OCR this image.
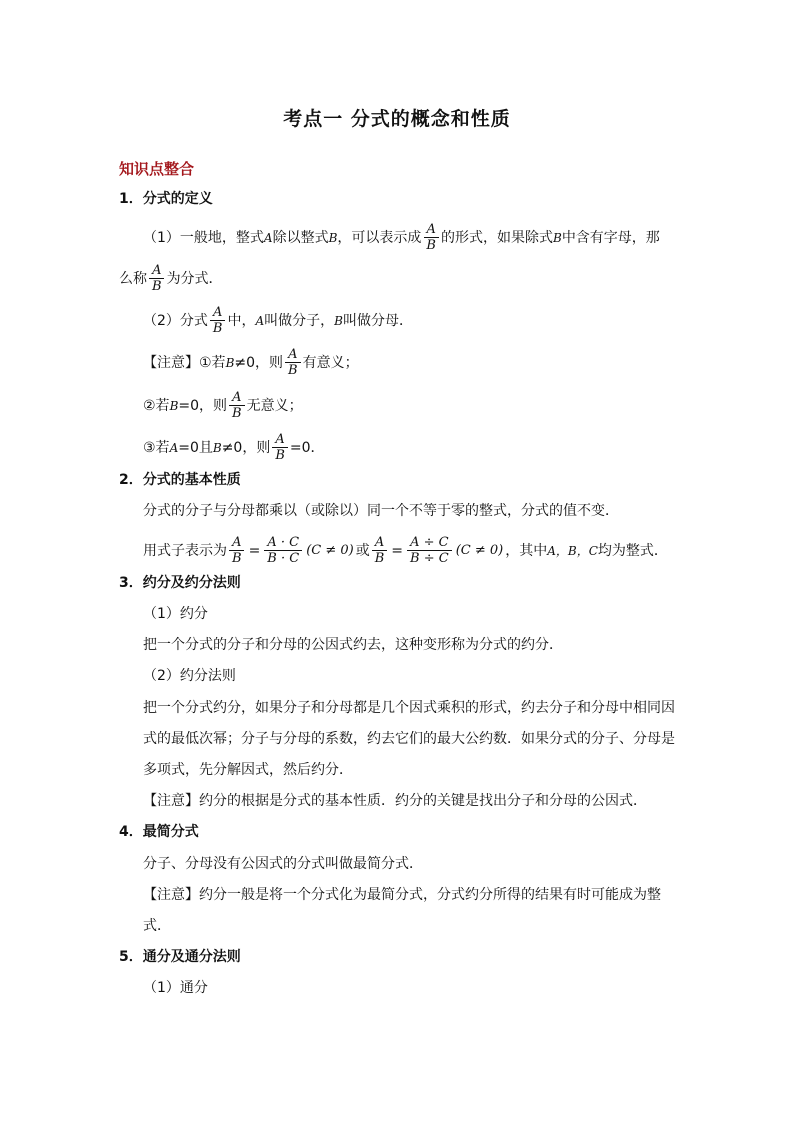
考点一 分式的概念和性质
知识点整合
1．分式的定义
（1）一般地，整式 A 除以整式 B ，可以表示成 $\frac{A}{B}$ 的形式，如果除式 B 中含有字母，那
么称 $\frac{A}{B}$ 为分式．
（2）分式 $\frac{A}{B}$ 中， A 叫做分子， B 叫做分母．
【注意】①若 B ≠0，则 $\frac{A}{B}$ 有意义；
②若 B =0，则 $\frac{A}{B}$ 无意义；
③若 A =0且 B ≠0，则 $\frac{A}{B} =0$．
2．分式的基本性质
分式的分子与分母都乘以（或除以）同一个不等于零的整式，分式的值不变．
用式子表示为 $\frac{A}{B} = \frac{A \cdot C}{B \cdot C} (C \ne 0)$ 或 $\frac{A}{B} = \frac{A \div C}{B \div C} (C \ne 0)$ ，其中 A，B，C 均为整式．
3．约分及约分法则
（1）约分
把一个分式的分子和分母的公因式约去，这种变形称为分式的约分．
（2）约分法则
把一个分式约分，如果分子和分母都是几个因式乘积的形式，约去分子和分母中相同因
式的最低次幂；分子与分母的系数，约去它们的最大公约数．如果分式的分子、分母是
多项式，先分解因式，然后约分．
【注意】约分的根据是分式的基本性质．约分的关键是找出分子和分母的公因式．
4．最简分式
分子、分母没有公因式的分式叫做最简分式．
【注意】约分一般是将一个分式化为最简分式，分式约分所得的结果有时可能成为整
式．
5．通分及通分法则
（1）通分
